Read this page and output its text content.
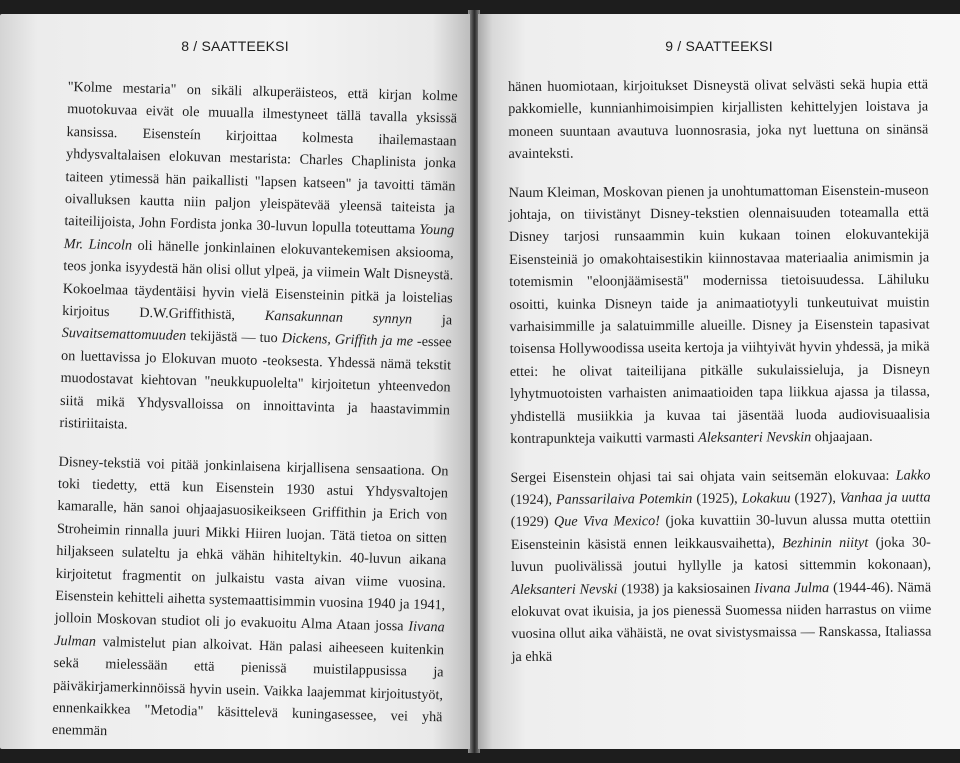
8 / SAATTEEKSI

"Kolme mestaria" on sikäli alkuperäisteos, että kirjan kolme muotokuvaa eivät ole muualla ilmestyneet tällä tavalla yksissä kansissa. Eisensteín kirjoittaa kolmesta ihailemastaan yhdysvaltalaisen elokuvan mestarista: Charles Chaplinista jonka taiteen ytimessä hän paikallisti "lapsen katseen" ja tavoitti tämän oivalluksen kautta niin paljon yleispätevää yleensä taiteista ja taiteilijoista, John Fordista jonka 30-luvun lopulla toteuttama Young Mr. Lincoln oli hänelle jonkinlainen elokuvantekemisen aksiooma, teos jonka isyydestä hän olisi ollut ylpeä, ja viimein Walt Disneystä. Kokoelmaa täydentäisi hyvin vielä Eisensteinin pitkä ja loistelias kirjoitus D.W.Griffithistä, Kansakunnan synnyn ja Suvaitsemattomuuden tekijästä — tuo Dickens, Griffith ja me -essee on luettavissa jo Elokuvan muoto -teoksesta. Yhdessä nämä tekstit muodostavat kiehtovan "neukkupuolelta" kirjoitetun yhteenvedon siitä mikä Yhdysvalloissa on innoittavinta ja haastavimmin ristiriitaista.

Disney-tekstiä voi pitää jonkinlaisena kirjallisena sensaationa. On toki tiedetty, että kun Eisenstein 1930 astui Yhdysvaltojen kamaralle, hän sanoi ohjaajasuosikeikseen Griffithin ja Erich von Stroheimin rinnalla juuri Mikki Hiiren luojan. Tätä tietoa on sitten hiljakseen sulateltu ja ehkä vähän hihiteltykin. 40-luvun aikana kirjoitetut fragmentit on julkaistu vasta aivan viime vuosina. Eisenstein kehitteli aihetta systemaattisimmin vuosina 1940 ja 1941, jolloin Moskovan studiot oli jo evakuoitu Alma Ataan jossa Iivana Julman valmistelut pian alkoivat. Hän palasi aiheeseen kuitenkin sekä mielessään että pienissä muistilappusissa ja päiväkirjamerkinnöissä hyvin usein. Vaikka laajemmat kirjoitustyöt, ennenkaikkea "Metodia" käsittelevä kuningasessee, vei yhä enemmän

9 / SAATTEEKSI

hänen huomiotaan, kirjoitukset Disneystä olivat selvästi sekä hupia että pakkomielle, kunnianhimoisimpien kirjallisten kehittelyjen loistava ja moneen suuntaan avautuva luonnosrasia, joka nyt luettuna on sinänsä avainteksti.

Naum Kleiman, Moskovan pienen ja unohtumattoman Eisenstein-museon johtaja, on tiivistänyt Disney-tekstien olennaisuuden toteamalla että Disney tarjosi runsaammin kuin kukaan toinen elokuvantekijä Eisensteiniä jo omakohtaisestikin kiinnostavaa materiaalia animismin ja totemismin "eloonjäämisestä" modernissa tietoisuudessa. Lähiluku osoitti, kuinka Disneyn taide ja animaatiotyyli tunkeutuivat muistin varhaisimmille ja salatuimmille alueille. Disney ja Eisenstein tapasivat toisensa Hollywoodissa useita kertoja ja viihtyivät hyvin yhdessä, ja mikä ettei: he olivat taiteilijana pitkälle sukulaissieluja, ja Disneyn lyhytmuotoisten varhaisten animaatioiden tapa liikkua ajassa ja tilassa, yhdistellä musiikkia ja kuvaa tai jäsentää luoda audiovisuaalisia kontrapunkteja vaikutti varmasti Aleksanteri Nevskin ohjaajaan.

Sergei Eisenstein ohjasi tai sai ohjata vain seitsemän elokuvaa: Lakko (1924), Panssarilaiva Potemkin (1925), Lokakuu (1927), Vanhaa ja uutta (1929) Que Viva Mexico! (joka kuvattiin 30-luvun alussa mutta otettiin Eisensteinin käsistä ennen leikkausvaihetta), Bezhinin niityt (joka 30-luvun puolivälissä joutui hyllylle ja katosi sittemmin kokonaan), Aleksanteri Nevski (1938) ja kaksiosainen Iivana Julma (1944-46). Nämä elokuvat ovat ikuisia, ja jos pienessä Suomessa niiden harrastus on viime vuosina ollut aika vähäistä, ne ovat sivistysmaissa — Ranskassa, Italiassa ja ehkä
